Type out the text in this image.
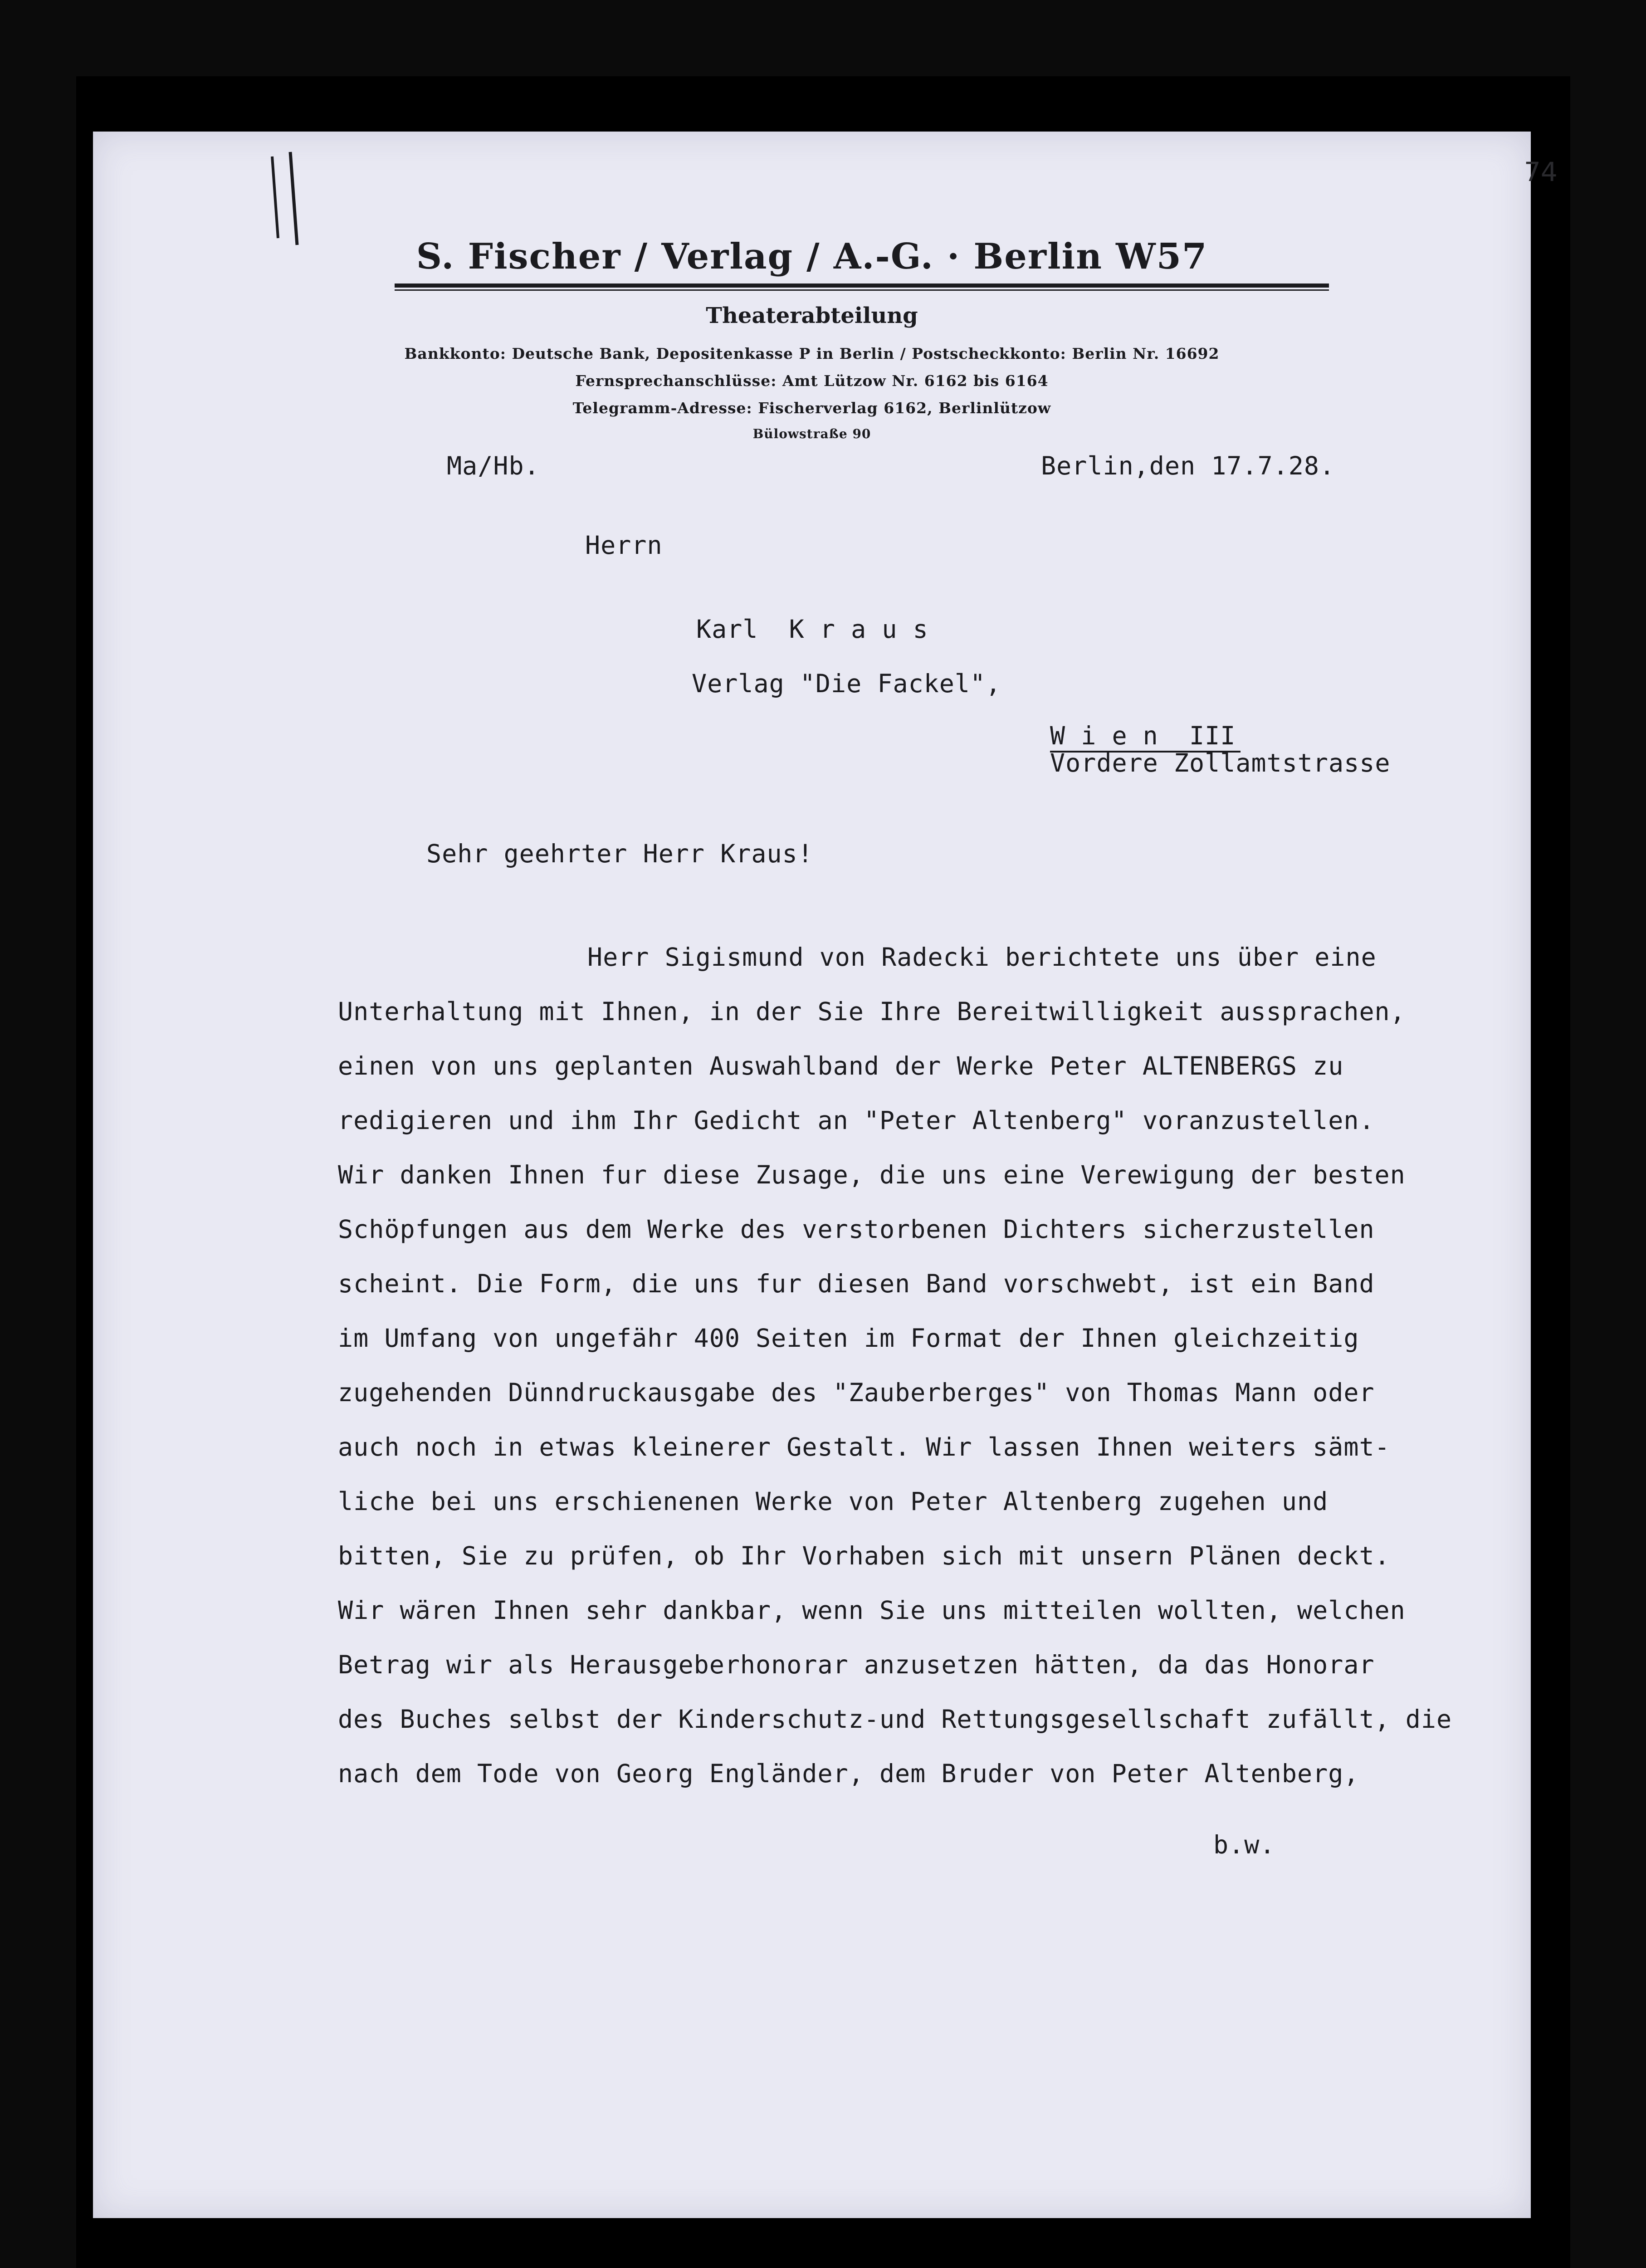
74
S. Fischer / Verlag / A.-G. · Berlin W57
Theaterabteilung
Bankkonto: Deutsche Bank, Depositenkasse P in Berlin / Postscheckkonto: Berlin Nr. 16692
Fernsprechanschlüsse: Amt Lützow Nr. 6162 bis 6164
Telegramm-Adresse: Fischerverlag 6162, Berlinlützow
Bülowstraße 90
Ma/Hb.	Berlin,den 17.7.28.
Herrn
Karl  K r a u s
Verlag "Die Fackel",
W i e n  III
Vordere Zollamtstrasse
Sehr geehrter Herr Kraus!
Herr Sigismund von Radecki berichtete uns über eine
Unterhaltung mit Ihnen, in der Sie Ihre Bereitwilligkeit aussprachen,
einen von uns geplanten Auswahlband der Werke Peter ALTENBERGS zu
redigieren und ihm Ihr Gedicht an "Peter Altenberg" voranzustellen.
Wir danken Ihnen fur diese Zusage, die uns eine Verewigung der besten
Schöpfungen aus dem Werke des verstorbenen Dichters sicherzustellen
scheint. Die Form, die uns fur diesen Band vorschwebt, ist ein Band
im Umfang von ungefähr 400 Seiten im Format der Ihnen gleichzeitig
zugehenden Dünndruckausgabe des "Zauberberges" von Thomas Mann oder
auch noch in etwas kleinerer Gestalt. Wir lassen Ihnen weiters sämt-
liche bei uns erschienenen Werke von Peter Altenberg zugehen und
bitten, Sie zu prüfen, ob Ihr Vorhaben sich mit unsern Plänen deckt.
Wir wären Ihnen sehr dankbar, wenn Sie uns mitteilen wollten, welchen
Betrag wir als Herausgeberhonorar anzusetzen hätten, da das Honorar
des Buches selbst der Kinderschutz-und Rettungsgesellschaft zufällt, die
nach dem Tode von Georg Engländer, dem Bruder von Peter Altenberg,
b.w.
